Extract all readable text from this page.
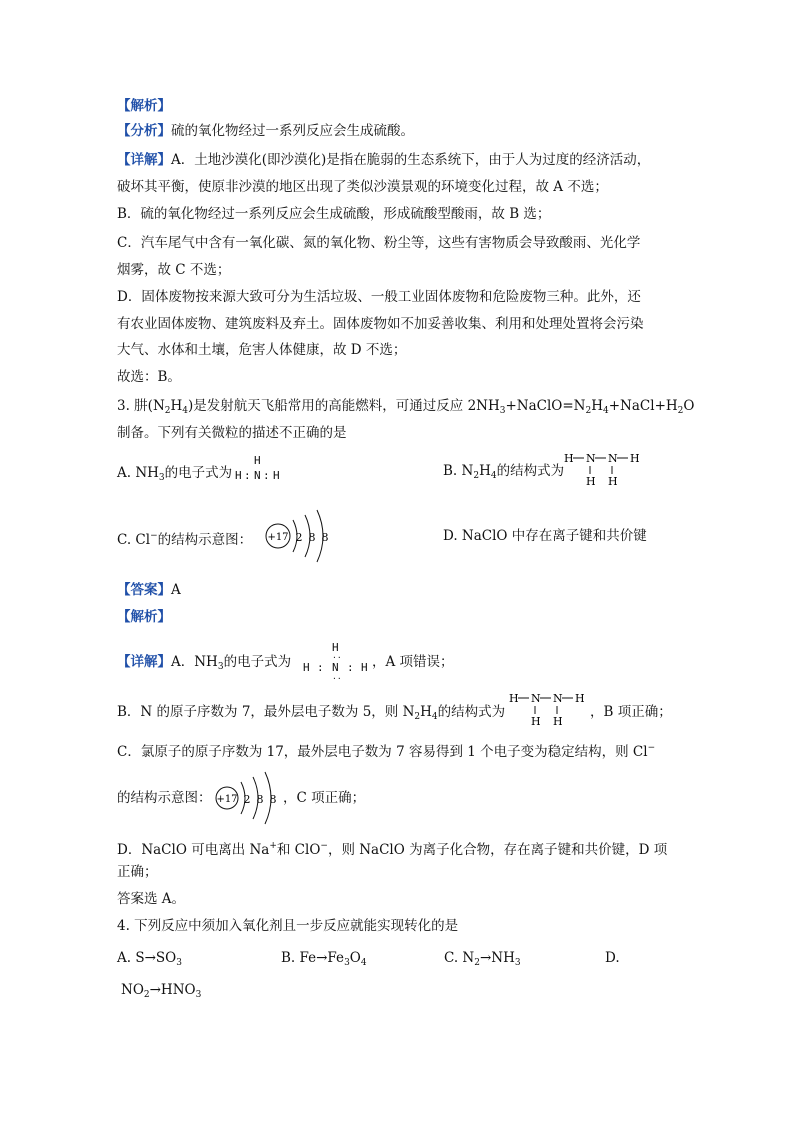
【解析】
【分析】硫的氧化物经过一系列反应会生成硫酸。
【详解】A．土地沙漠化(即沙漠化)是指在脆弱的生态系统下，由于人为过度的经济活动，
破坏其平衡，使原非沙漠的地区出现了类似沙漠景观的环境变化过程，故 A 不选；
B．硫的氧化物经过一系列反应会生成硫酸，形成硫酸型酸雨，故 B 选；
C．汽车尾气中含有一氧化碳、氮的氧化物、粉尘等，这些有害物质会导致酸雨、光化学
烟雾，故 C 不选；
D．固体废物按来源大致可分为生活垃圾、一般工业固体废物和危险废物三种。此外，还
有农业固体废物、建筑废料及弃土。固体废物如不加妥善收集、利用和处理处置将会污染
大气、水体和土壤，危害人体健康，故 D 不选；
故选：B。
3. 肼$(N_2H_4)$是发射航天飞船常用的高能燃料，可通过反应 $2NH_3+NaClO=N_2H_4+NaCl+H_2O$
制备。下列有关微粒的描述不正确的是
A. $NH_3$的电子式为
H
H : N : H	B. $N_2H_4$的结构式为
H N N H
H H
C. Cl−的结构示意图： +17 2 8 8	D. NaClO 中存在离子键和共价键
【答案】A
【解析】
【详解】A．$NH_3$的电子式为
H
H : N : H
··
··
，A 项错误；
B．N 的原子序数为 7，最外层电子数为 5，则 $N_2H_4$的结构式为
H N N H
H H
，B 项正确；
C．氯原子的原子序数为 17，最外层电子数为 7 容易得到 1 个电子变为稳定结构，则 Cl−
的结构示意图： +17 2 8 8 ，C 项正确；
D．NaClO 可电离出 Na+和 ClO−，则 NaClO 为离子化合物，存在离子键和共价键，D 项
正确；
答案选 A。
4. 下列反应中须加入氧化剂且一步反应就能实现转化的是
A. $S\to SO_3$	B. $Fe\to Fe_3O_4$	C. $N_2\to NH_3$	D.
$NO_2\to HNO_3$
